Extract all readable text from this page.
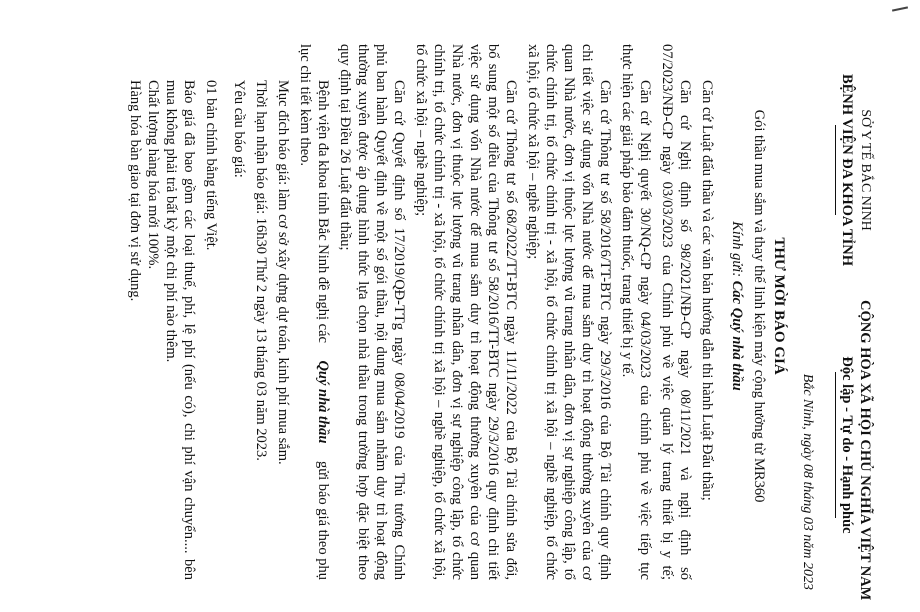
SỞ Y TẾ BẮC NINH
BỆNH VIỆN ĐA KHOA TỈNH
CỘNG HÒA XÃ HỘI CHỦ NGHĨA VIỆT NAM
Độc lập - Tự do - Hạnh phúc
Bắc Ninh, ngày 08 tháng 03 năm 2023
THƯ MỜI BÁO GIÁ
Gói thầu mua sắm và thay thế linh kiện máy cộng hưởng từ MR360
Kính gửi: Các Quý nhà thầu
Căn cứ Luật đấu thầu và các văn bản hướng dẫn thi hành Luật Đấu thầu;
Căn cứ Nghị định số 98/2021/NĐ-CP ngày 08/11/2021 và nghị định số
07/2023/NĐ-CP ngày 03/03/2023 của Chính phủ về việc quản lý trang thiết bị y tế;
Căn cứ Nghị quyết 30/NQ-CP ngày 04/03/2023 của chính phủ về việc tiếp tục
thực hiện các giải pháp bảo đảm thuốc, trang thiết bị y tế.
Căn cứ Thông tư số 58/2016/TT-BTC ngày 29/3/2016 của Bộ Tài chính quy định
chi tiết việc sử dụng vốn Nhà nước để mua sắm duy trì hoạt động thường xuyên của cơ
quan Nhà nước, đơn vị thuộc lực lượng vũ trang nhân dân, đơn vị sự nghiệp công lập, tổ
chức chính trị, tổ chức chính trị - xã hội, tổ chức chính trị xã hội – nghề nghiệp, tổ chức
xã hội, tổ chức xã hội – nghề nghiệp;
Căn cứ Thông tư số 68/2022/TT-BTC ngày 11/11/2022 của Bộ Tài chính sửa đổi,
bổ sung một số điều của Thông tư số 58/2016/TT-BTC ngày 29/3/2016 quy định chi tiết
việc sử dụng vốn Nhà nước để mua sắm duy trì hoạt động thường xuyên của cơ quan
Nhà nước, đơn vị thuộc lực lượng vũ trang nhân dân, đơn vị sự nghiệp công lập, tổ chức
chính trị, tổ chức chính trị - xã hội, tổ chức chính trị xã hội – nghề nghiệp, tổ chức xã hội,
tổ chức xã hội – nghề nghiệp;
Căn cứ Quyết định số 17/2019/QĐ-TTg ngày 08/04/2019 của Thủ tướng Chính
phủ ban hành Quyết định về một số gói thầu, nội dung mua sắm nhằm duy trì hoạt động
thường xuyên được áp dụng hình thức lựa chọn nhà thầu trong trường hợp đặc biệt theo
quy định tại Điều 26 Luật đấu thầu;
Bệnh viện đa khoa tỉnh Bắc Ninh đề nghị các
Quý nhà thầu
gửi báo giá theo phụ
lục chi tiết kèm theo.
Mục đích báo giá: làm cơ sở xây dựng dự toán, kinh phí mua sắm.
Thời hạn nhận báo giá: 16h30 Thứ 2 ngày 13 tháng 03 năm 2023.
Yêu cầu báo giá:
01 bản chính bằng tiếng Việt.
Báo giá đã bao gồm các loại thuế, phí, lệ phí (nếu có), chi phí vận chuyển.... bên
mua không phải trả bất kỳ một chi phí nào thêm.
Chất lượng hàng hóa mới 100%.
Hàng hóa bàn giao tại đơn vị sử dụng.
